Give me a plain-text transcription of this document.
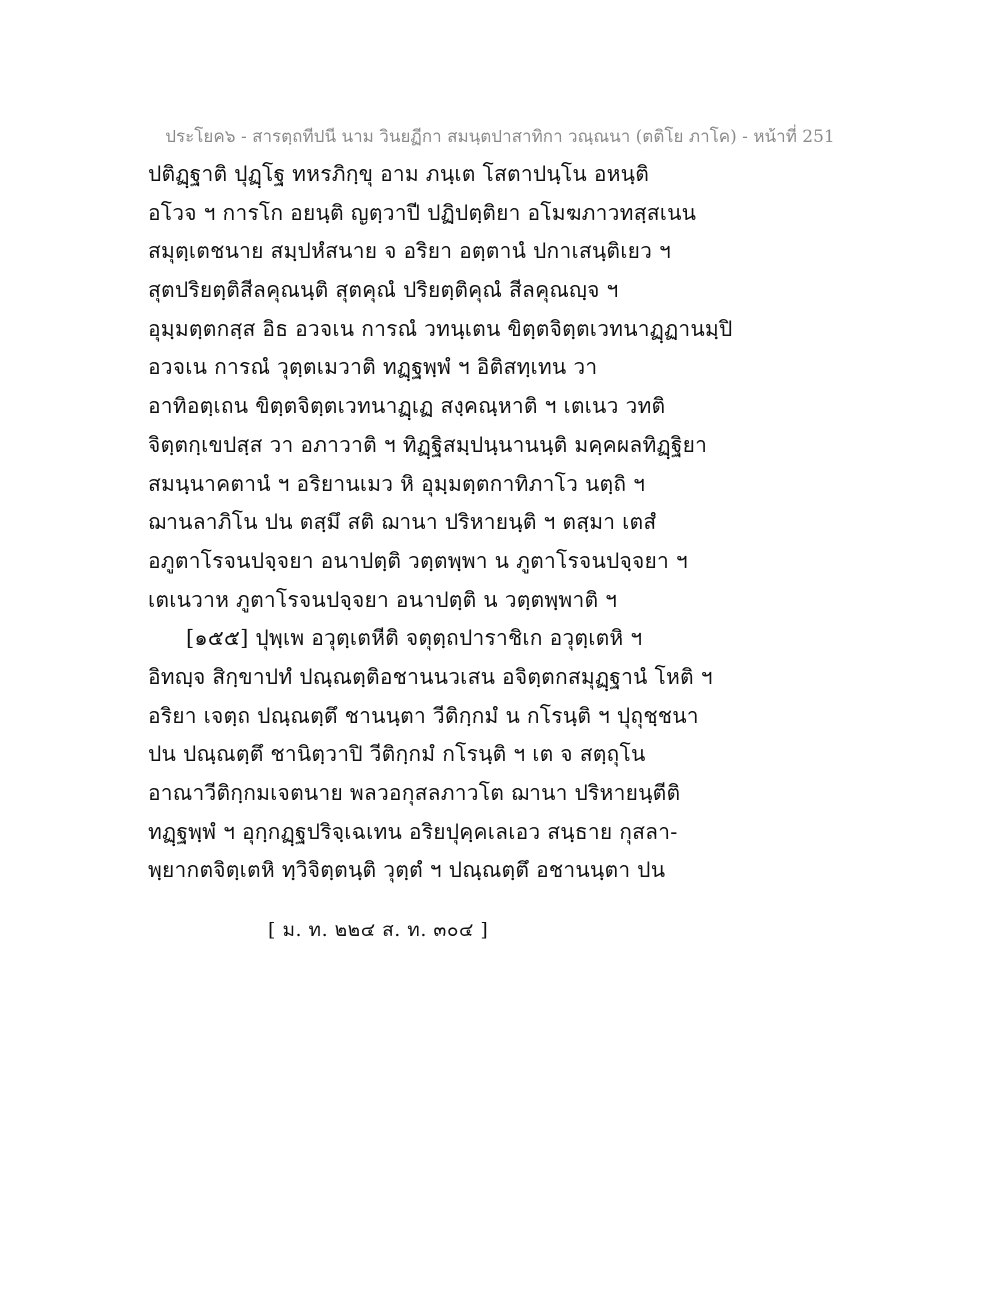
ประโยค๖ - สารตฺถทีปนี นาม วินยฏีกา สมนฺตปาสาทิกา วณฺณนา (ตติโย ภาโค) - หน้าที่ 251
ปติฏฺฐาติ ปุฏฺโฐ ทหรภิกฺขุ อาม ภนฺเต โสตาปนฺโน อหนฺติ
อโวจ ฯ การโก อยนฺติ ญตฺวาปี ปฏิปตฺติยา อโมฆภาวทสฺสเนน
สมุตฺเตชนาย สมฺปหํสนาย จ อริยา อตฺตานํ ปกาเสนฺติเยว ฯ
สุตปริยตฺติสีลคุณนฺติ สุตคุณํ ปริยตฺติคุณํ สีลคุณญฺจ ฯ
อุมฺมตฺตกสฺส อิธ อวจเน การณํ วทนฺเตน ขิตฺตจิตฺตเวทนาฏฺฏานมฺปิ
อวจเน การณํ วุตฺตเมวาติ ทฏฺฐพฺพํ ฯ อิติสทฺเทน วา
อาทิอตฺเถน ขิตฺตจิตฺตเวทนาฏฺเฏ สงฺคณฺหาติ ฯ เตเนว วทติ
จิตฺตกฺเขปสฺส วา อภาวาติ ฯ ทิฏฺฐิสมฺปนฺนานนฺติ มคฺคผลทิฏฺฐิยา
สมนฺนาคตานํ ฯ อริยานเมว หิ อุมฺมตฺตกาทิภาโว นตฺถิ ฯ
ฌานลาภิโน ปน ตสฺมึ สติ ฌานา ปริหายนฺติ ฯ ตสฺมา เตสํ
อภูตาโรจนปจฺจยา อนาปตฺติ วตฺตพฺพา น ภูตาโรจนปจฺจยา ฯ
เตเนวาห ภูตาโรจนปจฺจยา อนาปตฺติ น วตฺตพฺพาติ ฯ
[๑๕๕] ปุพฺเพ อวุตฺเตหีติ จตุตฺถปาราชิเก อวุตฺเตหิ ฯ
อิทญฺจ สิกฺขาปทํ ปณฺณตฺติอชานนวเสน อจิตฺตกสมุฏฺฐานํ โหติ ฯ
อริยา เจตฺถ ปณฺณตฺตึ ชานนฺตา วีติกฺกมํ น กโรนฺติ ฯ ปุถุชฺชนา
ปน ปณฺณตฺตึ ชานิตฺวาปิ วีติกฺกมํ กโรนฺติ ฯ เต จ สตฺถุโน
อาณาวีติกฺกมเจตนาย พลวอกุสลภาวโต ฌานา ปริหายนฺตีติ
ทฏฺฐพฺพํ ฯ อุกฺกฏฺฐปริจฺเฉเทน อริยปุคฺคเลเอว สนฺธาย กุสลา-
พฺยากตจิตฺเตหิ ทฺวิจิตฺตนฺติ วุตฺตํ ฯ ปณฺณตฺตึ อชานนฺตา ปน
[ ม. ท. ๒๒๔ ส. ท. ๓๐๔ ]
